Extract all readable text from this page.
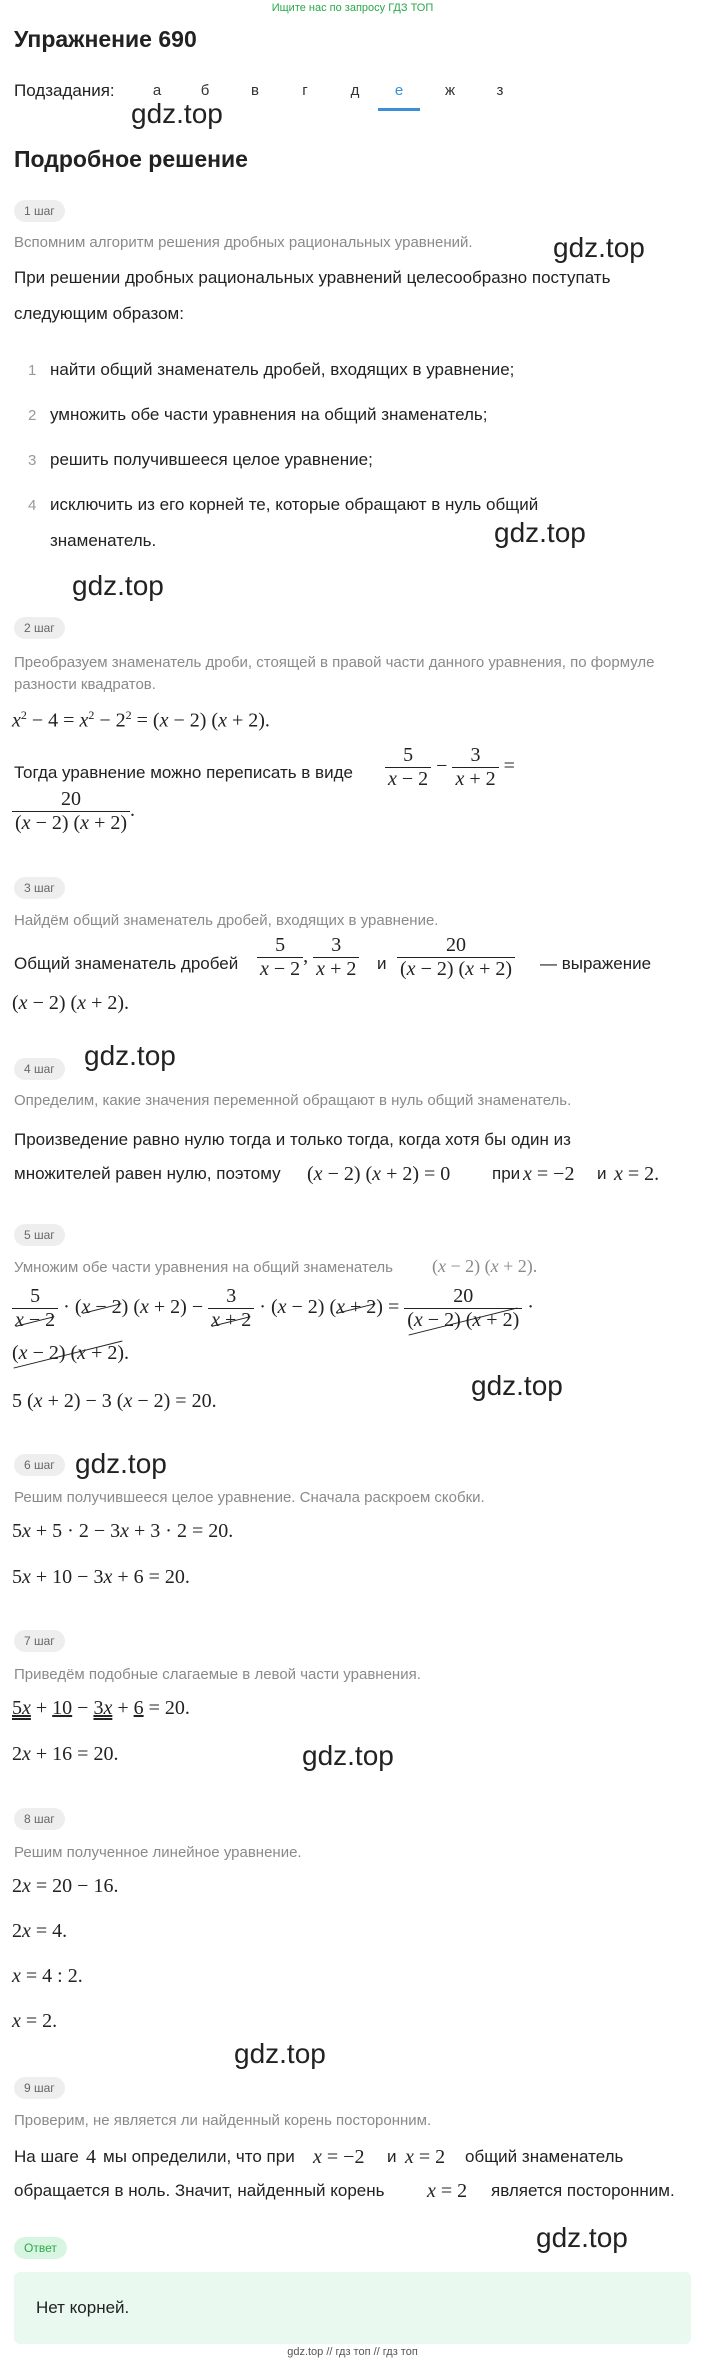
Ищите нас по запросу ГДЗ ТОП
Упражнение 690
Подзадания:	а	б	в	г	д	е	ж	з
gdz.top
Подробное решение
1 шаг
Вспомним алгоритм решения дробных рациональных уравнений.	gdz.top
При решении дробных рациональных уравнений целесообразно поступать следующим образом:
1 найти общий знаменатель дробей, входящих в уравнение;
2 умножить обе части уравнения на общий знаменатель;
3 решить получившееся целое уравнение;
4 исключить из его корней те, которые обращают в нуль общий
знаменатель.	gdz.top
gdz.top
2 шаг
Преобразуем знаменатель дроби, стоящей в правой части данного уравнения, по формуле разности квадратов.
$x^2 - 4 = x^2 - 2^2 = (x - 2) (x + 2)$.
Тогда уравнение можно переписать в виде	$\frac{5}{x - 2} - \frac{3}{x + 2}$ =
$\frac{20}{(x - 2) (x + 2)}$ .
3 шаг
Найдём общий знаменатель дробей, входящих в уравнение.
Общий знаменатель дробей $\frac{5}{x - 2}$ , $\frac{3}{x + 2}$ и $\frac{20}{(x - 2) (x + 2)}$ — выражение
(x − 2) (x + 2).
gdz.top
4 шаг
Определим, какие значения переменной обращают в нуль общий знаменатель.
Произведение равно нулю тогда и только тогда, когда хотя бы один из
множителей равен нулю, поэтому (x − 2) (x + 2) = 0 при x = −2 и x = 2.
5 шаг
Умножим обе части уравнения на общий знаменатель	(x − 2) (x + 2).
$\frac{5}{x - 2} \cdot (x - 2) (x + 2) - \frac{3}{x + 2} \cdot (x - 2) (x + 2) = \frac{20}{(x - 2) (x + 2)}$ ·
(x − 2) (x + 2).
gdz.top
5 (x + 2) − 3 (x − 2) = 20.
6 шаг gdz.top
Решим получившееся целое уравнение. Сначала раскроем скобки.
5x + 5 · 2 − 3x + 3 · 2 = 20.
5x + 10 − 3x + 6 = 20.
7 шаг
Приведём подобные слагаемые в левой части уравнения.
5x + 10 − 3x + 6 = 20.
2x + 16 = 20.	gdz.top
8 шаг
Решим полученное линейное уравнение.
2x = 20 − 16.
2x = 4.
x = 4 : 2.
x = 2.
gdz.top
9 шаг
Проверим, не является ли найденный корень посторонним.
На шаге 4 мы определили, что при x = −2 и x = 2 общий знаменатель
обращается в ноль. Значит, найденный корень x = 2 является посторонним.
gdz.top
Ответ
Нет корней.
gdz.top // гдз топ // гдз топ
